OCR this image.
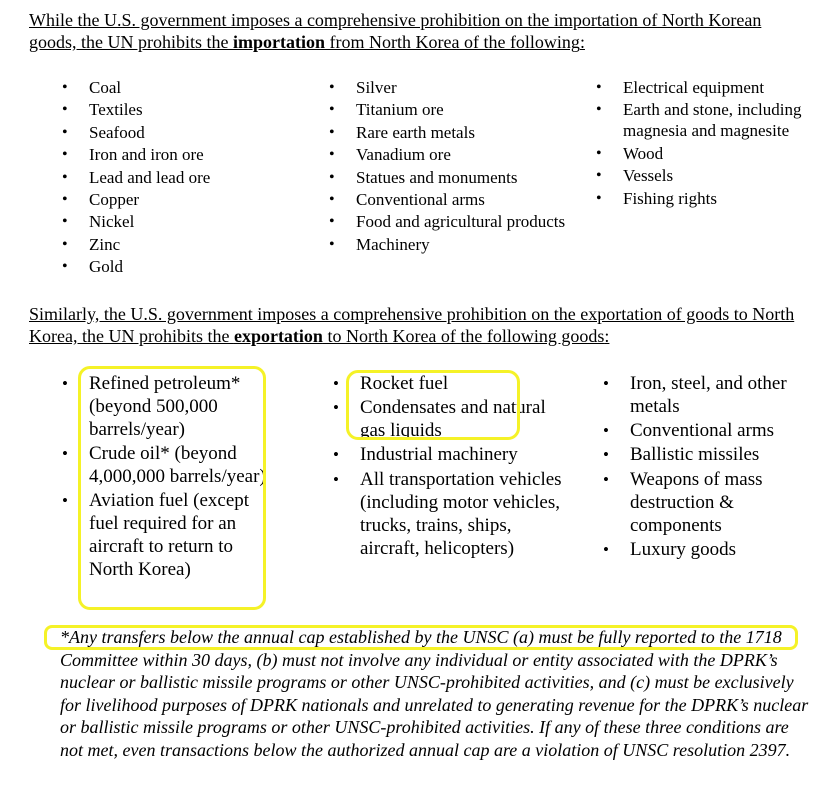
While the U.S. government imposes a comprehensive prohibition on the importation of North Korean goods, the UN prohibits the importation from North Korea of the following:

• Coal
• Textiles
• Seafood
• Iron and iron ore
• Lead and lead ore
• Copper
• Nickel
• Zinc
• Gold
• Silver
• Titanium ore
• Rare earth metals
• Vanadium ore
• Statues and monuments
• Conventional arms
• Food and agricultural products
• Machinery
• Electrical equipment
• Earth and stone, including magnesia and magnesite
• Wood
• Vessels
• Fishing rights

Similarly, the U.S. government imposes a comprehensive prohibition on the exportation of goods to North Korea, the UN prohibits the exportation to North Korea of the following goods:

• Refined petroleum* (beyond 500,000 barrels/year)
• Crude oil* (beyond 4,000,000 barrels/year)
• Aviation fuel (except fuel required for an aircraft to return to North Korea)
• Rocket fuel
• Condensates and natural gas liquids
• Industrial machinery
• All transportation vehicles (including motor vehicles, trucks, trains, ships, aircraft, helicopters)
• Iron, steel, and other metals
• Conventional arms
• Ballistic missiles
• Weapons of mass destruction & components
• Luxury goods

*Any transfers below the annual cap established by the UNSC (a) must be fully reported to the 1718 Committee within 30 days, (b) must not involve any individual or entity associated with the DPRK’s nuclear or ballistic missile programs or other UNSC-prohibited activities, and (c) must be exclusively for livelihood purposes of DPRK nationals and unrelated to generating revenue for the DPRK’s nuclear or ballistic missile programs or other UNSC-prohibited activities. If any of these three conditions are not met, even transactions below the authorized annual cap are a violation of UNSC resolution 2397.
